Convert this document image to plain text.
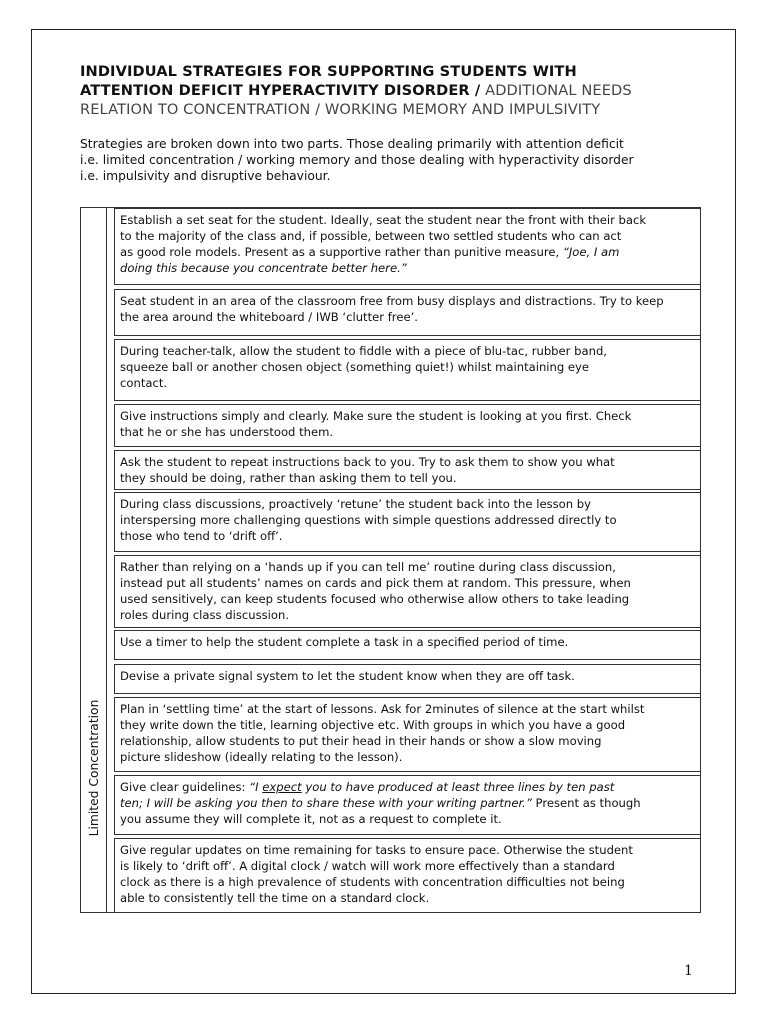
INDIVIDUAL STRATEGIES FOR SUPPORTING STUDENTS WITH
ATTENTION DEFICIT HYPERACTIVITY DISORDER / ADDITIONAL NEEDS
RELATION TO CONCENTRATION / WORKING MEMORY AND IMPULSIVITY
Strategies are broken down into two parts. Those dealing primarily with attention deficit
i.e. limited concentration / working memory and those dealing with hyperactivity disorder
i.e. impulsivity and disruptive behaviour.
Limited Concentration
Establish a set seat for the student. Ideally, seat the student near the front with their back
to the majority of the class and, if possible, between two settled students who can act
as good role models. Present as a supportive rather than punitive measure, “Joe, I am
doing this because you concentrate better here.”
Seat student in an area of the classroom free from busy displays and distractions. Try to keep
the area around the whiteboard / IWB ‘clutter free’.
During teacher-talk, allow the student to fiddle with a piece of blu-tac, rubber band,
squeeze ball or another chosen object (something quiet!) whilst maintaining eye
contact.
Give instructions simply and clearly. Make sure the student is looking at you first. Check
that he or she has understood them.
Ask the student to repeat instructions back to you. Try to ask them to show you what
they should be doing, rather than asking them to tell you.
During class discussions, proactively ‘retune’ the student back into the lesson by
interspersing more challenging questions with simple questions addressed directly to
those who tend to ‘drift off’.
Rather than relying on a ‘hands up if you can tell me’ routine during class discussion,
instead put all students’ names on cards and pick them at random. This pressure, when
used sensitively, can keep students focused who otherwise allow others to take leading
roles during class discussion.
Use a timer to help the student complete a task in a specified period of time.
Devise a private signal system to let the student know when they are off task.
Plan in ‘settling time’ at the start of lessons. Ask for 2minutes of silence at the start whilst
they write down the title, learning objective etc. With groups in which you have a good
relationship, allow students to put their head in their hands or show a slow moving
picture slideshow (ideally relating to the lesson).
Give clear guidelines: “I expect you to have produced at least three lines by ten past
ten; I will be asking you then to share these with your writing partner.” Present as though
you assume they will complete it, not as a request to complete it.
Give regular updates on time remaining for tasks to ensure pace. Otherwise the student
is likely to ‘drift off’. A digital clock / watch will work more effectively than a standard
clock as there is a high prevalence of students with concentration difficulties not being
able to consistently tell the time on a standard clock.
1
